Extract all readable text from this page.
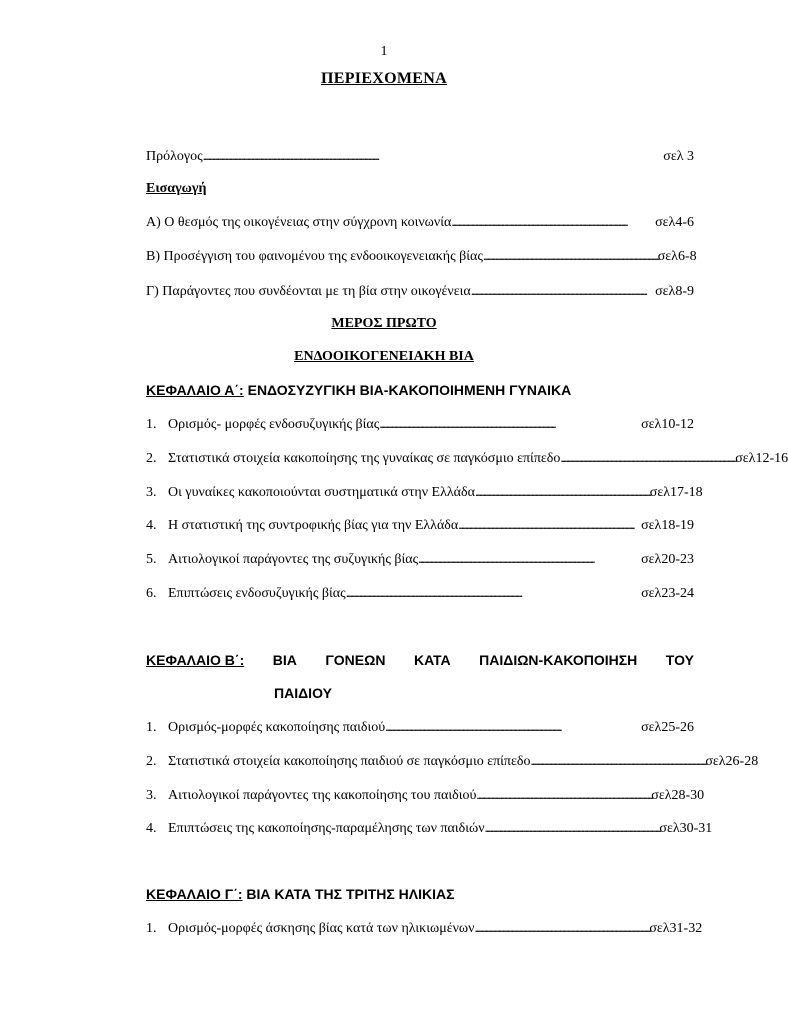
1
ΠΕΡΙΕΧΟΜΕΝΑ
Πρόλογος . . .	σελ 3
Εισαγωγή
Α) Ο θεσμός της οικογένειας στην σύγχρονη κοινωνία . . .	σελ4-6
Β) Προσέγγιση του φαινομένου της ενδοοικογενειακής βίας . . .	σελ6-8
Γ) Παράγοντες που συνδέονται με τη βία στην οικογένεια . . .	σελ8-9
ΜΕΡΟΣ ΠΡΩΤΟ
ΕΝΔΟΟΙΚΟΓΕΝΕΙΑΚΗ ΒΙΑ
ΚΕΦΑΛΑΙΟ Α΄: ΕΝΔΟΣΥΖΥΓΙΚΗ ΒΙΑ-ΚΑΚΟΠΟΙΗΜΕΝΗ ΓΥΝΑΙΚΑ
1. Ορισμός- μορφές ενδοσυζυγικής βίας . . .	σελ10-12
2. Στατιστικά στοιχεία κακοποίησης της γυναίκας σε παγκόσμιο επίπεδο . . .	σελ12-16
3. Οι γυναίκες κακοποιούνται συστηματικά στην Ελλάδα . . .	σελ17-18
4. Η στατιστική της συντροφικής βίας για την Ελλάδα . . .	σελ18-19
5. Αιτιολογικοί παράγοντες της συζυγικής βίας . . .	σελ20-23
6. Επιπτώσεις ενδοσυζυγικής βίας . . .	σελ23-24
ΚΕΦΑΛΑΙΟ Β΄: ΒΙΑ ΓΟΝΕΩΝ ΚΑΤΑ ΠΑΙΔΙΩΝ-ΚΑΚΟΠΟΙΗΣΗ ΤΟΥ
ΠΑΙΔΙΟΥ
1. Ορισμός-μορφές κακοποίησης παιδιού . . .	σελ25-26
2. Στατιστικά στοιχεία κακοποίησης παιδιού σε παγκόσμιο επίπεδο . . .	σελ26-28
3. Αιτιολογικοί παράγοντες της κακοποίησης του παιδιού . . .	σελ28-30
4. Επιπτώσεις της κακοποίησης-παραμέλησης των παιδιών . . .	σελ30-31
ΚΕΦΑΛΑΙΟ Γ΄: ΒΙΑ ΚΑΤΑ ΤΗΣ ΤΡΙΤΗΣ ΗΛΙΚΙΑΣ
1. Ορισμός-μορφές άσκησης βίας κατά των ηλικιωμένων . . .	σελ31-32
